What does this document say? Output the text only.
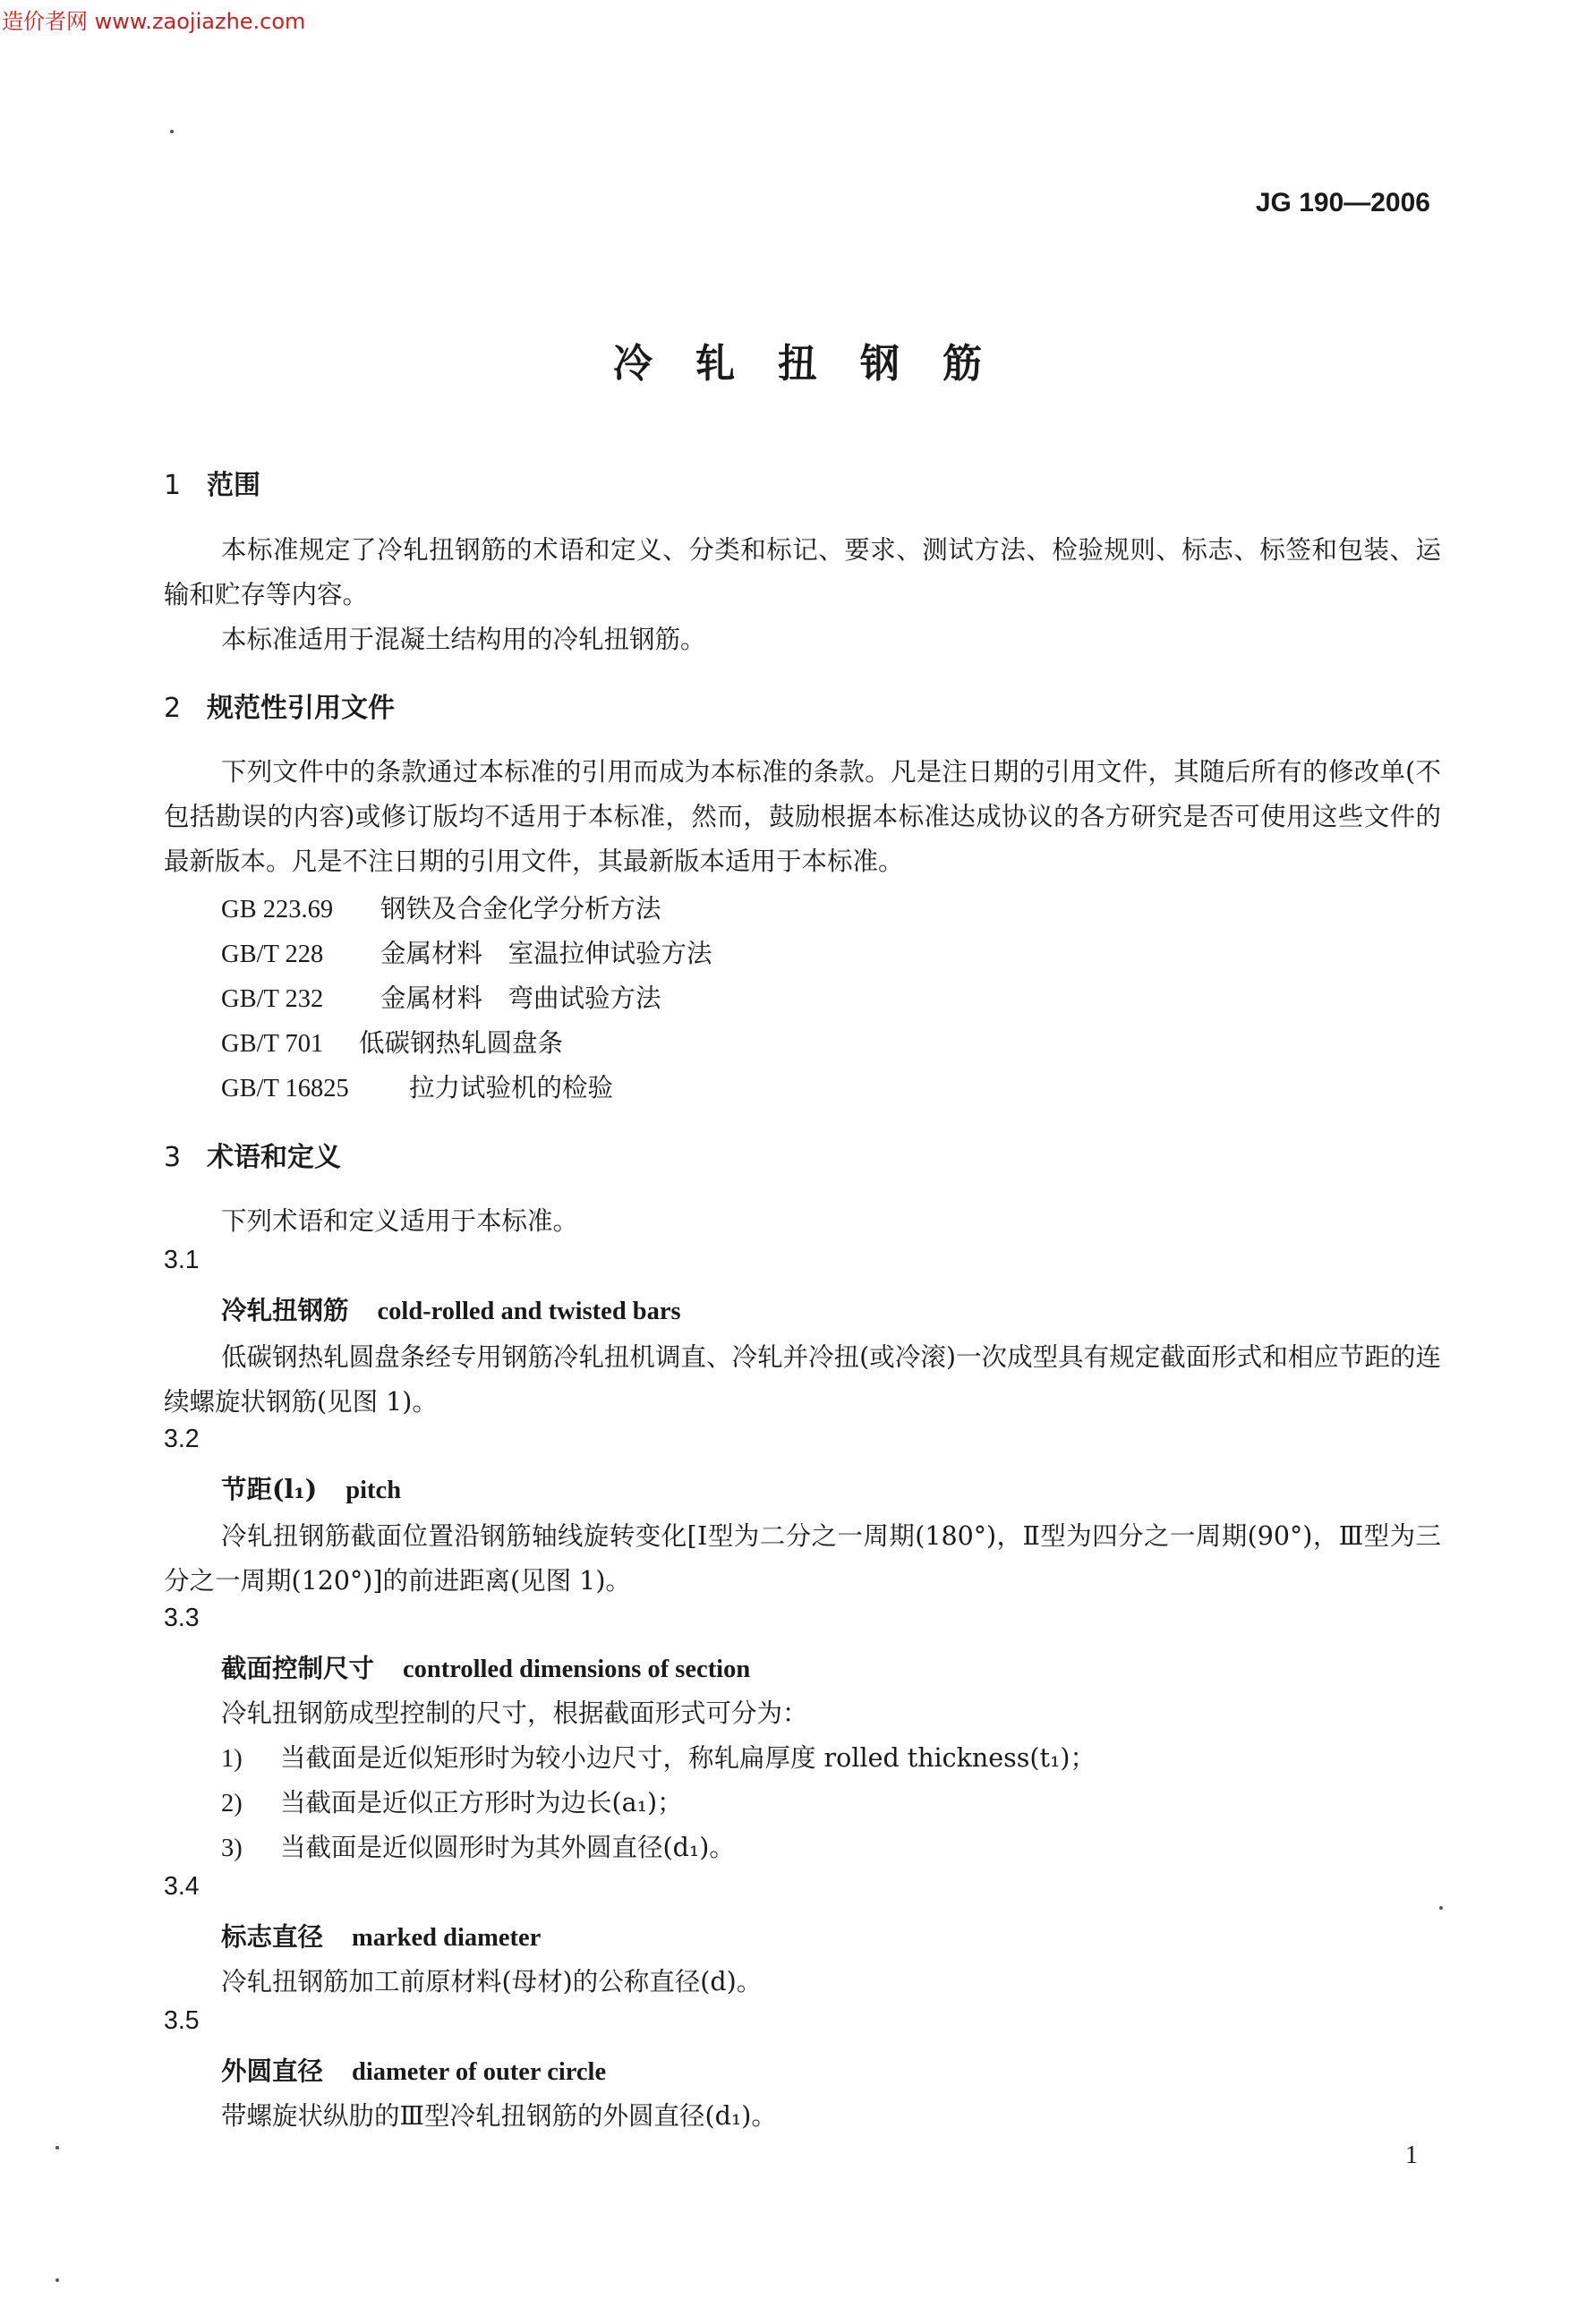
造价者网 www.zaojiazhe.com
JG 190—2006
冷轧扭钢筋
1 范围
本标准规定了冷轧扭钢筋的术语和定义、分类和标记、要求、测试方法、检验规则、标志、标签和包装、运输和贮存等内容。
本标准适用于混凝土结构用的冷轧扭钢筋。
2 规范性引用文件
下列文件中的条款通过本标准的引用而成为本标准的条款。凡是注日期的引用文件，其随后所有的修改单(不包括勘误的内容)或修订版均不适用于本标准，然而，鼓励根据本标准达成协议的各方研究是否可使用这些文件的最新版本。凡是不注日期的引用文件，其最新版本适用于本标准。
GB 223.69 钢铁及合金化学分析方法
GB/T 228 金属材料　室温拉伸试验方法
GB/T 232 金属材料　弯曲试验方法
GB/T 701 低碳钢热轧圆盘条
GB/T 16825 拉力试验机的检验
3 术语和定义
下列术语和定义适用于本标准。
3.1
冷轧扭钢筋 cold-rolled and twisted bars
低碳钢热轧圆盘条经专用钢筋冷轧扭机调直、冷轧并冷扭(或冷滚)一次成型具有规定截面形式和相应节距的连续螺旋状钢筋(见图 1)。
3.2
节距(l₁) pitch
冷轧扭钢筋截面位置沿钢筋轴线旋转变化[Ⅰ型为二分之一周期(180°)，Ⅱ型为四分之一周期(90°)，Ⅲ型为三分之一周期(120°)]的前进距离(见图 1)。
3.3
截面控制尺寸 controlled dimensions of section
冷轧扭钢筋成型控制的尺寸，根据截面形式可分为：
1) 当截面是近似矩形时为较小边尺寸，称轧扁厚度 rolled thickness(t₁)；
2) 当截面是近似正方形时为边长(a₁)；
3) 当截面是近似圆形时为其外圆直径(d₁)。
3.4
标志直径 marked diameter
冷轧扭钢筋加工前原材料(母材)的公称直径(d)。
3.5
外圆直径 diameter of outer circle
带螺旋状纵肋的Ⅲ型冷轧扭钢筋的外圆直径(d₁)。
1
